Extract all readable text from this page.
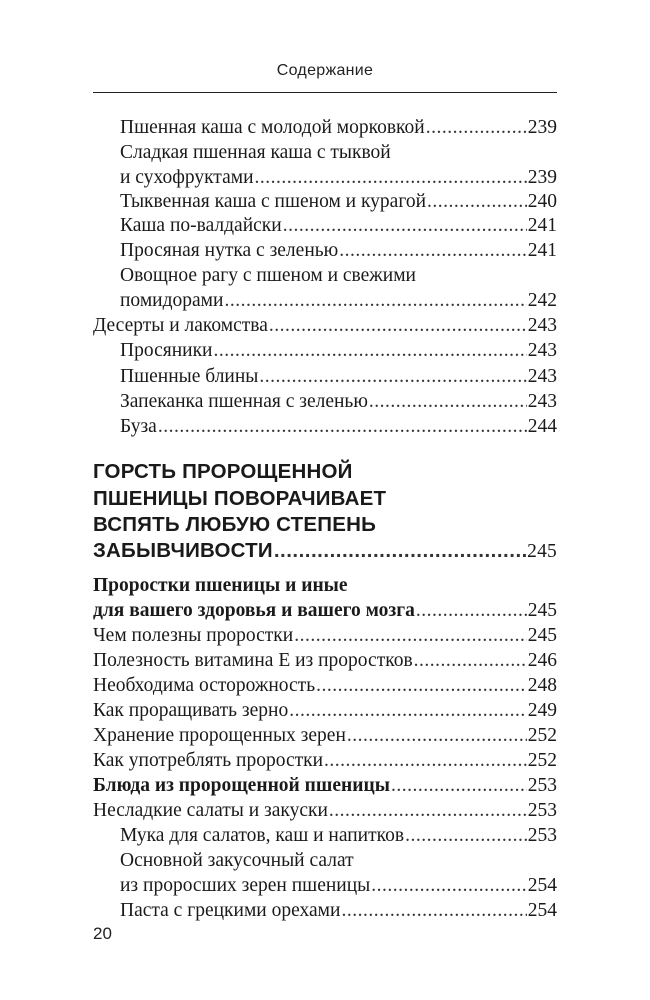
Содержание
Пшенная каша с молодой морковкой .....	239
Сладкая пшенная каша с тыквой
и сухофруктами .....	239
Тыквенная каша с пшеном и курагой .....	240
Каша по-валдайски .....	241
Просяная нутка с зеленью .....	241
Овощное рагу с пшеном и свежими
помидорами .....	242
Десерты и лакомства .....	243
Просяники .....	243
Пшенные блины .....	243
Запеканка пшенная с зеленью .....	243
Буза .....	244
ГОРСТЬ ПРОРОЩЕННОЙ
ПШЕНИЦЫ ПОВОРАЧИВАЕТ
ВСПЯТЬ ЛЮБУЮ СТЕПЕНЬ
ЗАБЫВЧИВОСТИ .....	245
Проростки пшеницы и иные
для вашего здоровья и вашего мозга .....	245
Чем полезны проростки .....	245
Полезность витамина Е из проростков .....	246
Необходима осторожность .....	248
Как проращивать зерно .....	249
Хранение пророщенных зерен .....	252
Как употреблять проростки .....	252
Блюда из пророщенной пшеницы .....	253
Несладкие салаты и закуски .....	253
Мука для салатов, каш и напитков .....	253
Основной закусочный салат
из проросших зерен пшеницы .....	254
Паста с грецкими орехами .....	254
20
